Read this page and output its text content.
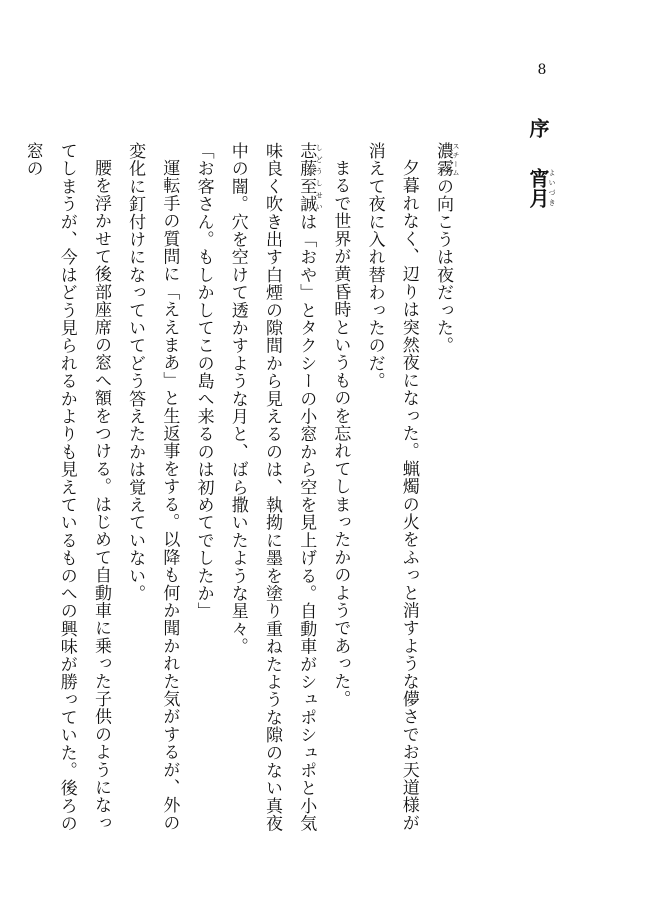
8
序宵月よいづき

濃霧 スチームの向こうは夜だった。

夕暮れなく、辺りは突然夜になった。蝋燭の火をふっと消すような儚さでお天道様が消えて夜に入れ替わったのだ。

まるで世界が黄昏時というものを忘れてしまったかのようであった。

志藤至誠 しどうしせいは「おや」とタクシーの小窓から空を見上げる。自動車がシュポシュポと小気味良く吹き出す白煙の隙間から見えるのは、執拗に墨を塗り重ねたような隙のない真夜中の闇。穴を空けて透かすような月と、ばら撒いたような星々。

「お客さん。もしかしてこの島へ来るのは初めてでしたか」

運転手の質問に「ええまあ」と生返事をする。以降も何か聞かれた気がするが、外の変化に釘付けになっていてどう答えたかは覚えていない。

腰を浮かせて後部座席の窓へ額をつける。はじめて自動車に乗った子供のようになってしまうが、今はどう見られるかよりも見えているものへの興味が勝っていた。後ろの窓の
